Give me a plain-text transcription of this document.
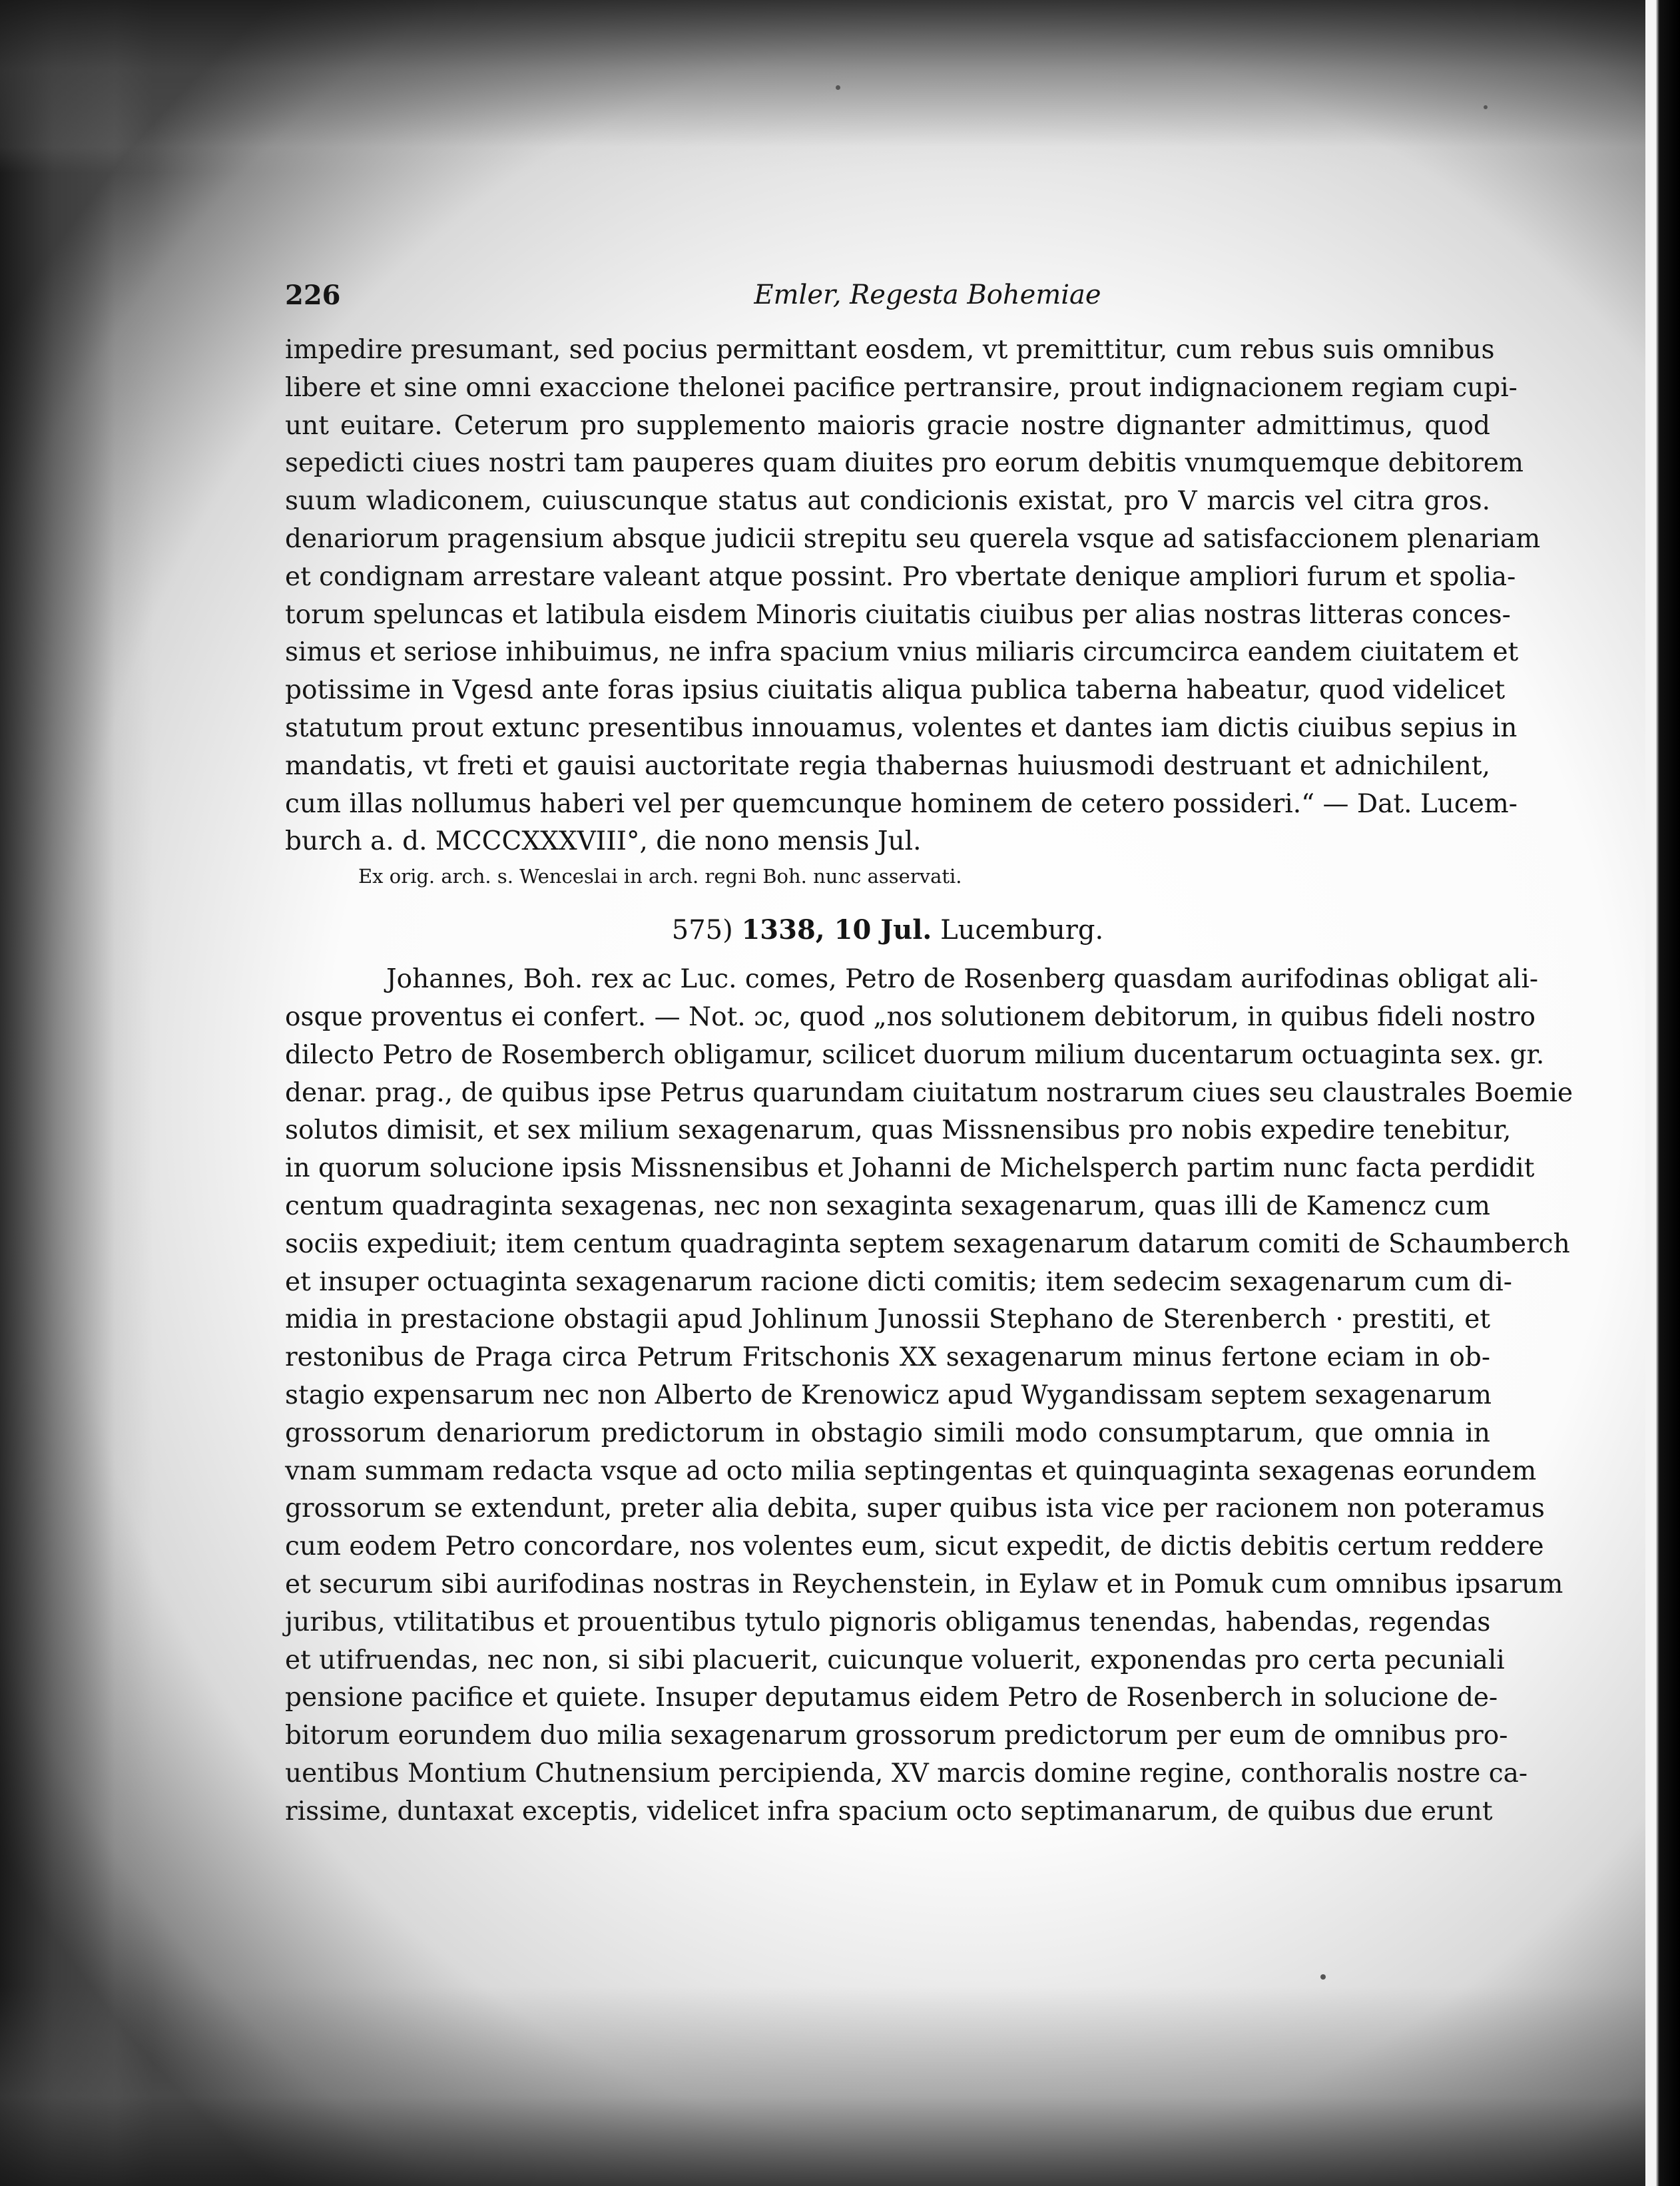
226	Emler, Regesta Bohemiae
impedire presumant, sed pocius permittant eosdem, vt premittitur, cum rebus suis omnibus
libere et sine omni exaccione thelonei pacifice pertransire, prout indignacionem regiam cupi-
unt euitare. Ceterum pro supplemento maioris gracie nostre dignanter admittimus, quod
sepedicti ciues nostri tam pauperes quam diuites pro eorum debitis vnumquemque debitorem
suum wladiconem, cuiuscunque status aut condicionis existat, pro V marcis vel citra gros.
denariorum pragensium absque judicii strepitu seu querela vsque ad satisfaccionem plenariam
et condignam arrestare valeant atque possint. Pro vbertate denique ampliori furum et spolia-
torum speluncas et latibula eisdem Minoris ciuitatis ciuibus per alias nostras litteras conces-
simus et seriose inhibuimus, ne infra spacium vnius miliaris circumcirca eandem ciuitatem et
potissime in Vgesd ante foras ipsius ciuitatis aliqua publica taberna habeatur, quod videlicet
statutum prout extunc presentibus innouamus, volentes et dantes iam dictis ciuibus sepius in
mandatis, vt freti et gauisi auctoritate regia thabernas huiusmodi destruant et adnichilent,
cum illas nollumus haberi vel per quemcunque hominem de cetero possideri.“ — Dat. Lucem-
burch a. d. MCCCXXXVIII°, die nono mensis Jul.
Ex orig. arch. s. Wenceslai in arch. regni Boh. nunc asservati.
575) 1338, 10 Jul. Lucemburg.
Johannes, Boh. rex ac Luc. comes, Petro de Rosenberg quasdam aurifodinas obligat ali-
osque proventus ei confert. — Not. ɔc, quod „nos solutionem debitorum, in quibus fideli nostro
dilecto Petro de Rosemberch obligamur, scilicet duorum milium ducentarum octuaginta sex. gr.
denar. prag., de quibus ipse Petrus quarundam ciuitatum nostrarum ciues seu claustrales Boemie
solutos dimisit, et sex milium sexagenarum, quas Missnensibus pro nobis expedire tenebitur,
in quorum solucione ipsis Missnensibus et Johanni de Michelsperch partim nunc facta perdidit
centum quadraginta sexagenas, nec non sexaginta sexagenarum, quas illi de Kamencz cum
sociis expediuit; item centum quadraginta septem sexagenarum datarum comiti de Schaumberch
et insuper octuaginta sexagenarum racione dicti comitis; item sedecim sexagenarum cum di-
midia in prestacione obstagii apud Johlinum Junossii Stephano de Sterenberch · prestiti, et
restonibus de Praga circa Petrum Fritschonis XX sexagenarum minus fertone eciam in ob-
stagio expensarum nec non Alberto de Krenowicz apud Wygandissam septem sexagenarum
grossorum denariorum predictorum in obstagio simili modo consumptarum, que omnia in
vnam summam redacta vsque ad octo milia septingentas et quinquaginta sexagenas eorundem
grossorum se extendunt, preter alia debita, super quibus ista vice per racionem non poteramus
cum eodem Petro concordare, nos volentes eum, sicut expedit, de dictis debitis certum reddere
et securum sibi aurifodinas nostras in Reychenstein, in Eylaw et in Pomuk cum omnibus ipsarum
juribus, vtilitatibus et prouentibus tytulo pignoris obligamus tenendas, habendas, regendas
et utifruendas, nec non, si sibi placuerit, cuicunque voluerit, exponendas pro certa pecuniali
pensione pacifice et quiete. Insuper deputamus eidem Petro de Rosenberch in solucione de-
bitorum eorundem duo milia sexagenarum grossorum predictorum per eum de omnibus pro-
uentibus Montium Chutnensium percipienda, XV marcis domine regine, conthoralis nostre ca-
rissime, duntaxat exceptis, videlicet infra spacium octo septimanarum, de quibus due erunt
